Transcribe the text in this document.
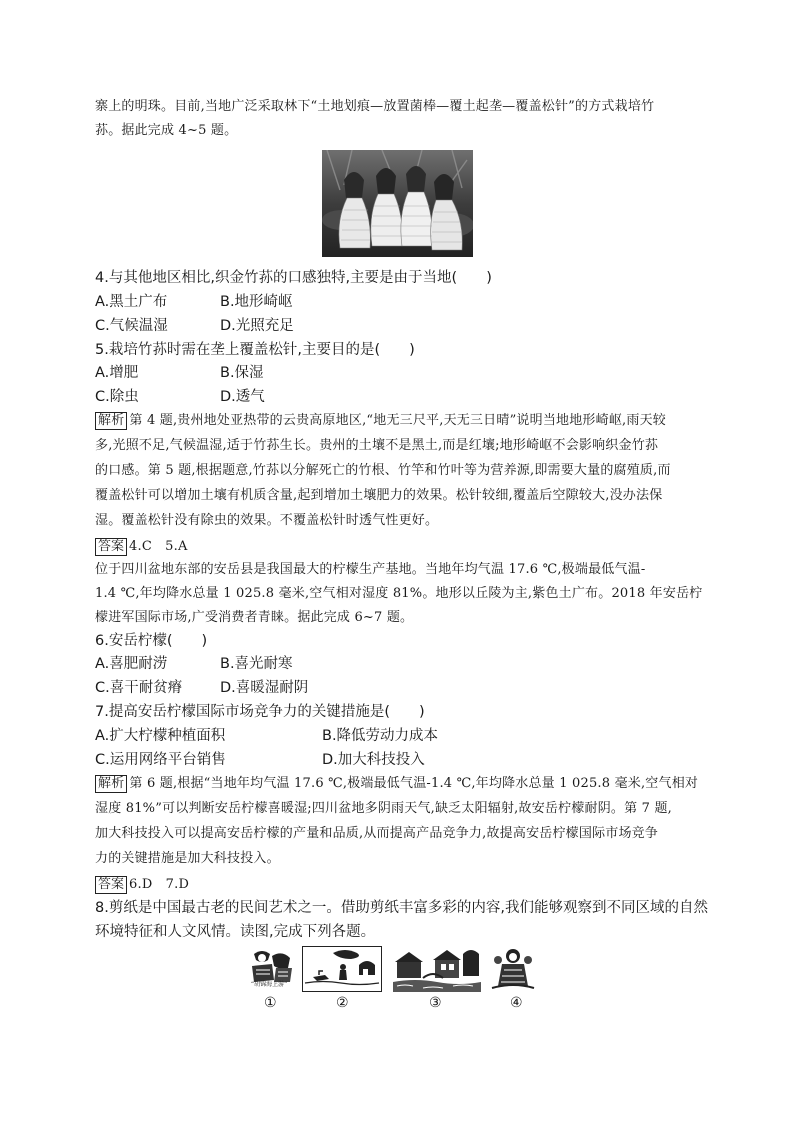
寨上的明珠。目前,当地广泛采取林下“土地划痕—放置菌棒—覆土起垄—覆盖松针”的方式栽培竹
荪。据此完成 4~5 题。
4.与其他地区相比,织金竹荪的口感独特,主要是由于当地(　　)
A.黑土广布	B.地形崎岖
C.气候温湿	D.光照充足
5.栽培竹荪时需在垄上覆盖松针,主要目的是(　　)
A.增肥	B.保湿
C.除虫	D.透气
解析 第 4 题,贵州地处亚热带的云贵高原地区,“地无三尺平,天无三日晴”说明当地地形崎岖,雨天较
多,光照不足,气候温湿,适于竹荪生长。贵州的土壤不是黑土,而是红壤;地形崎岖不会影响织金竹荪
的口感。第 5 题,根据题意,竹荪以分解死亡的竹根、竹竿和竹叶等为营养源,即需要大量的腐殖质,而
覆盖松针可以增加土壤有机质含量,起到增加土壤肥力的效果。松针较细,覆盖后空隙较大,没办法保
湿。覆盖松针没有除虫的效果。不覆盖松针时透气性更好。
答案 4.C　5.A
位于四川盆地东部的安岳县是我国最大的柠檬生产基地。当地年均气温 17.6 ℃,极端最低气温-
1.4 ℃,年均降水总量 1 025.8 毫米,空气相对湿度 81%。地形以丘陵为主,紫色土广布。2018 年安岳柠
檬进军国际市场,广受消费者青睐。据此完成 6~7 题。
6.安岳柠檬(　　)
A.喜肥耐涝	B.喜光耐寒
C.喜干耐贫瘠	D.喜暖湿耐阴
7.提高安岳柠檬国际市场竞争力的关键措施是(　　)
A.扩大柠檬种植面积	B.降低劳动力成本
C.运用网络平台销售	D.加大科技投入
解析 第 6 题,根据“当地年均气温 17.6 ℃,极端最低气温-1.4 ℃,年均降水总量 1 025.8 毫米,空气相对
湿度 81%”可以判断安岳柠檬喜暖湿;四川盆地多阴雨天气,缺乏太阳辐射,故安岳柠檬耐阴。第 7 题,
加大科技投入可以提高安岳柠檬的产量和品质,从而提高产品竞争力,故提高安岳柠檬国际市场竞争
力的关键措施是加大科技投入。
答案 6.D　7.D
8.剪纸是中国最古老的民间艺术之一。借助剪纸丰富多彩的内容,我们能够观察到不同区域的自然
环境特征和人文风情。读图,完成下列各题。
“胡锦海上游”
①	②	③	④
